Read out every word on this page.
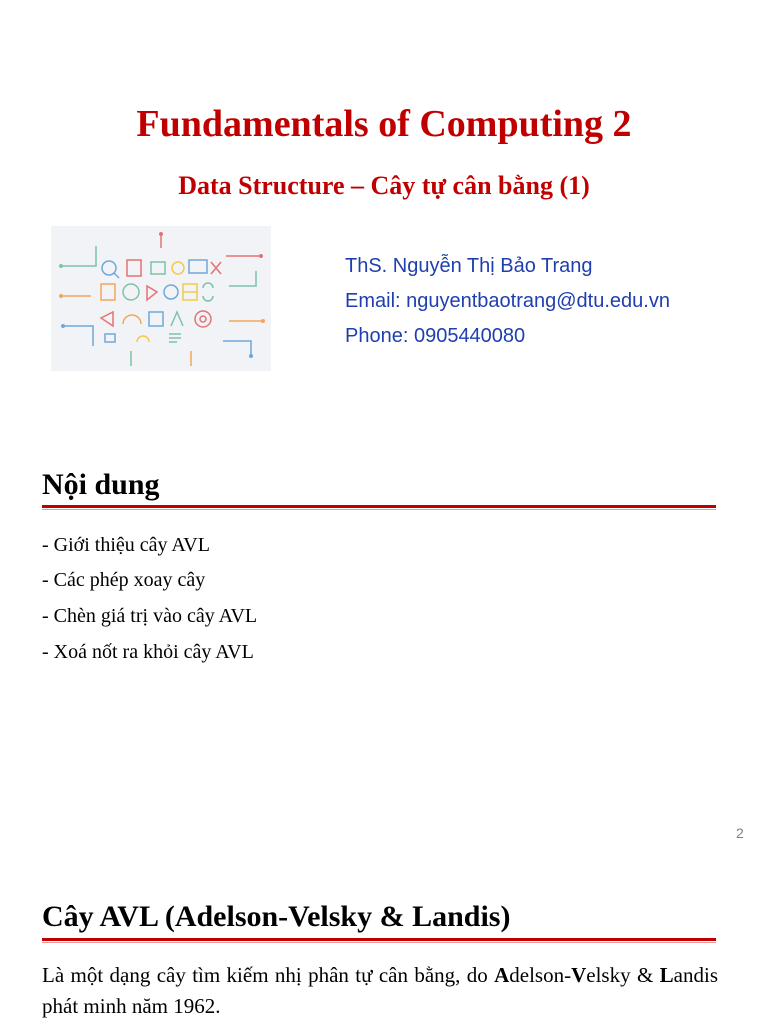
Fundamentals of Computing 2
Data Structure – Cây tự cân bằng (1)
ThS. Nguyễn Thị Bảo Trang
Email: nguyentbaotrang@dtu.edu.vn
Phone: 0905440080
Nội dung
- Giới thiệu cây AVL
- Các phép xoay cây
- Chèn giá trị vào cây AVL
- Xoá nốt ra khỏi cây AVL
2
Cây AVL (Adelson-Velsky & Landis)
Là một dạng cây tìm kiếm nhị phân tự cân bằng, do Adelson-Velsky & Landis phát minh năm 1962.
